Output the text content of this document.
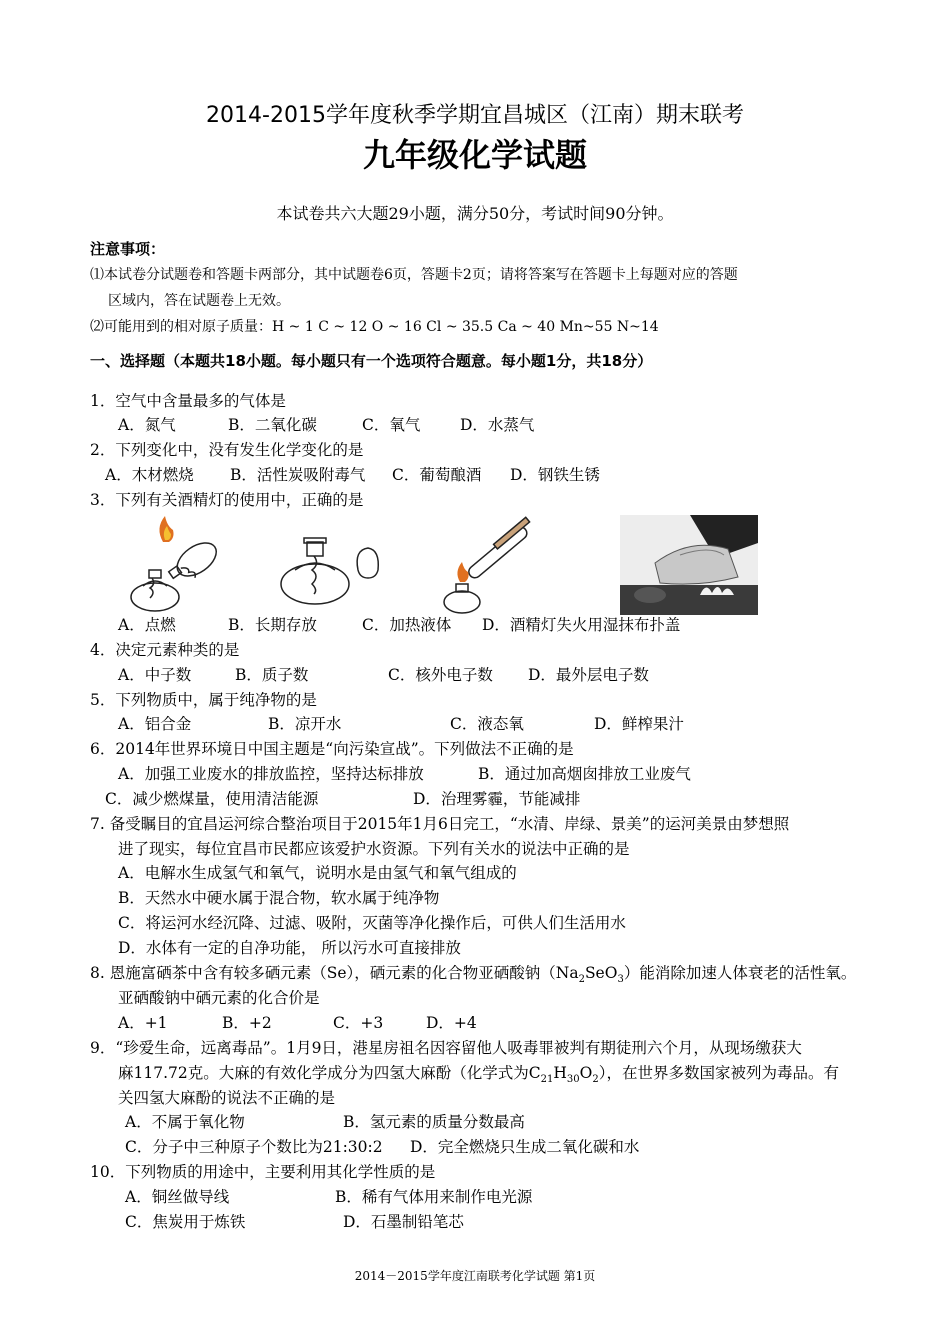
2014-2015学年度秋季学期宜昌城区（江南）期末联考
九年级化学试题
本试卷共六大题29小题，满分50分，考试时间90分钟。
注意事项：
⑴本试卷分试题卷和答题卡两部分，其中试题卷6页，答题卡2页；请将答案写在答题卡上每题对应的答题
区域内，答在试题卷上无效。
⑵可能用到的相对原子质量：H ~ 1 C ~ 12 O ~ 16 Cl ~ 35.5 Ca ~ 40 Mn~55 N~14
一、选择题（本题共18小题。每小题只有一个选项符合题意。每小题1分，共18分）
1．空气中含量最多的气体是
A．氮气	B．二氧化碳	C．氧气	D．水蒸气
2．下列变化中，没有发生化学变化的是
A．木材燃烧 B．活性炭吸附毒气 C．葡萄酿酒 D．钢铁生锈
3．下列有关酒精灯的使用中，正确的是
A．点燃	B．长期存放	C．加热液体 D．酒精灯失火用湿抹布扑盖
4．决定元素种类的是
A．中子数	B．质子数	C．核外电子数 D．最外层电子数
5．下列物质中，属于纯净物的是
A．铝合金	B．凉开水	C．液态氧	D．鲜榨果汁
6．2014年世界环境日中国主题是“向污染宣战”。下列做法不正确的是
A．加强工业废水的排放监控，坚持达标排放	B．通过加高烟囱排放工业废气
C．减少燃煤量，使用清洁能源	D．治理雾霾，节能减排
7. 备受瞩目的宜昌运河综合整治项目于2015年1月6日完工，“水清、岸绿、景美”的运河美景由梦想照
进了现实，每位宜昌市民都应该爱护水资源。下列有关水的说法中正确的是
A．电解水生成氢气和氧气，说明水是由氢气和氧气组成的
B．天然水中硬水属于混合物，软水属于纯净物
C．将运河水经沉降、过滤、吸附，灭菌等净化操作后，可供人们生活用水
D．水体有一定的自净功能， 所以污水可直接排放
8. 恩施富硒茶中含有较多硒元素（Se），硒元素的化合物亚硒酸钠$(Na_2SeO_3)$能消除加速人体衰老的活性氧。
亚硒酸钠中硒元素的化合价是
A．+1	B．+2	C．+3	D．+4
9．“珍爱生命，远离毒品”。1月9日，港星房祖名因容留他人吸毒罪被判有期徒刑六个月，从现场缴获大
麻117.72克。大麻的有效化学成分为四氢大麻酚（化学式为$C_{21}H_{30}O_2$），在世界多数国家被列为毒品。有
关四氢大麻酚的说法不正确的是
A．不属于氧化物	B．氢元素的质量分数最高
C．分子中三种原子个数比为21:30:2 D．完全燃烧只生成二氧化碳和水
10．下列物质的用途中，主要利用其化学性质的是
A．铜丝做导线	B．稀有气体用来制作电光源
C．焦炭用于炼铁	D．石墨制铅笔芯
2014－2015学年度江南联考化学试题 第1页
